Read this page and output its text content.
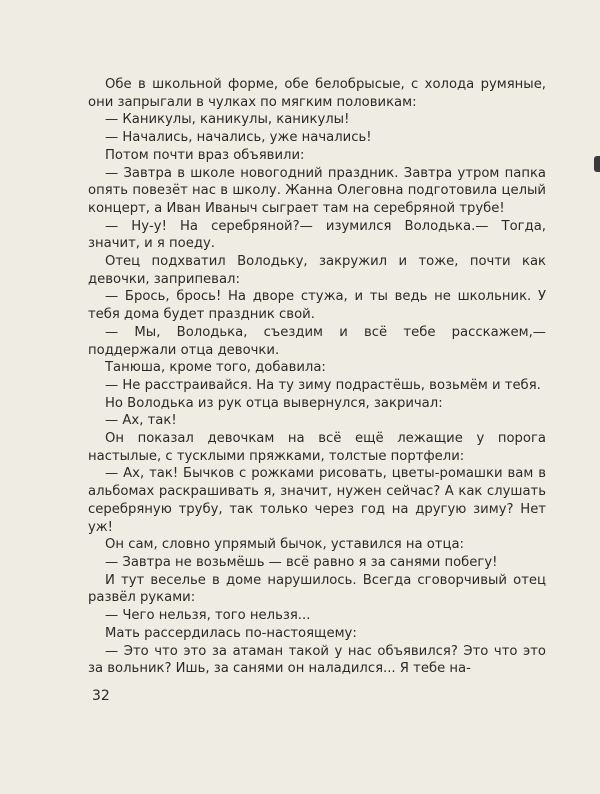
Обе в школьной форме, обе белобрысые, с холода румяные, они запрыгали в чулках по мягким половикам:

— Каникулы, каникулы, каникулы!

— Начались, начались, уже начались!

Потом почти враз объявили:

— Завтра в школе новогодний праздник. Завтра утром папка опять повезёт нас в школу. Жанна Олеговна подготовила целый концерт, а Иван Иваныч сыграет там на серебряной трубе!

— Ну-у! На серебряной?— изумился Володька.— Тогда, значит, и я поеду.

Отец подхватил Володьку, закружил и тоже, почти как девочки, заприпевал:

— Брось, брось! На дворе стужа, и ты ведь не школьник. У тебя дома будет праздник свой.

— Мы, Володька, съездим и всё тебе расскажем,— поддержали отца девочки.

Танюша, кроме того, добавила:

— Не расстраивайся. На ту зиму подрастёшь, возьмём и тебя.

Но Володька из рук отца вывернулся, закричал:

— Ах, так!

Он показал девочкам на всё ещё лежащие у порога настылые, с тусклыми пряжками, толстые портфели:

— Ах, так! Бычков с рожками рисовать, цветы-ромашки вам в альбомах раскрашивать я, значит, нужен сейчас? А как слушать серебряную трубу, так только через год на другую зиму? Нет уж!

Он сам, словно упрямый бычок, уставился на отца:

— Завтра не возьмёшь — всё равно я за санями побегу!

И тут веселье в доме нарушилось. Всегда сговорчивый отец развёл руками:

— Чего нельзя, того нельзя...

Мать рассердилась по-настоящему:

— Это что это за атаман такой у нас объявился? Это что это за вольник? Ишь, за санями он наладился... Я тебе на-

32
